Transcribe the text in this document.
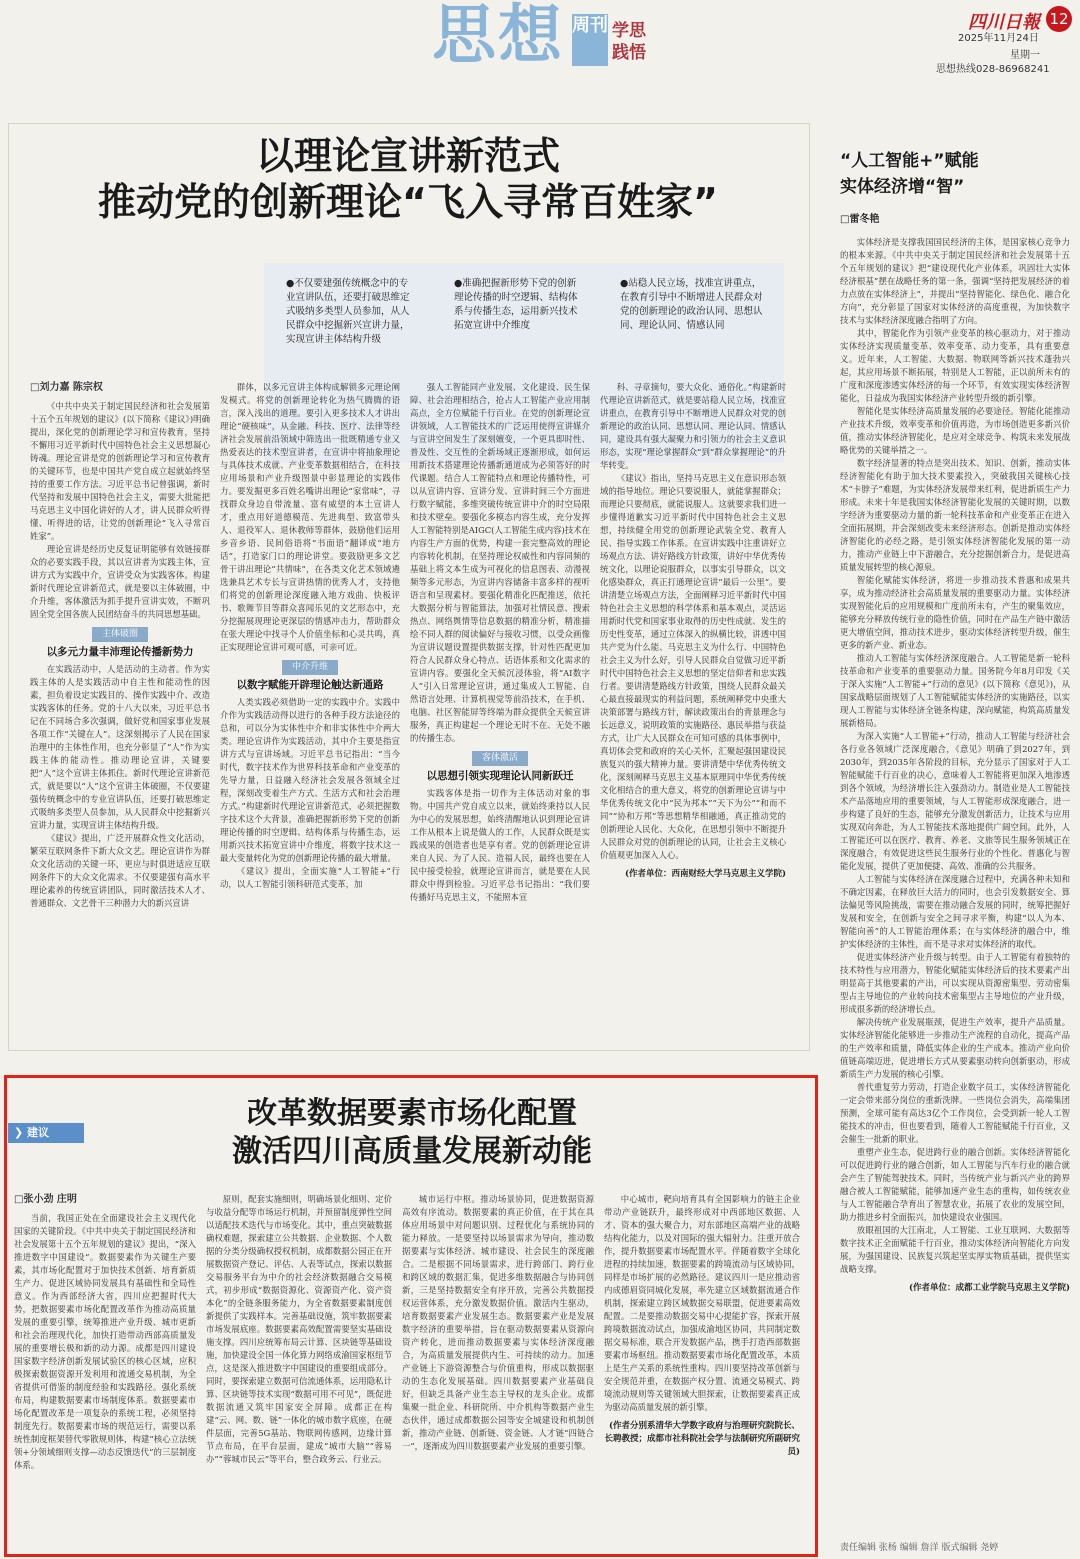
思想 周刊 学思践悟
四川日報 12
2025年11月24日
星期一
思想热线028-86968241
以理论宣讲新范式
推动党的创新理论“飞入寻常百姓家”
●不仅要建强传统概念中的专业宣讲队伍，还要打破思维定式吸纳多类型人员参加，从人民群众中挖掘新兴宣讲力量，实现宣讲主体结构升级
●准确把握新形势下党的创新理论传播的时空逻辑、结构体系与传播生态，运用新兴技术拓宽宣讲中介维度
●站稳人民立场，找准宣讲重点，在教育引导中不断增进人民群众对党的创新理论的政治认同、思想认同、理论认同、情感认同
□刘力嘉 陈宗权

《中共中央关于制定国民经济和社会发展第十五个五年规划的建议》(以下简称《建议》)明确提出，深化党的创新理论学习和宣传教育，坚持不懈用习近平新时代中国特色社会主义思想凝心铸魂。理论宣讲是党的创新理论学习和宣传教育的关键环节，也是中国共产党自成立起就始终坚持的重要工作方法。习近平总书记曾强调，新时代坚持和发展中国特色社会主义，需要大批能把马克思主义中国化讲好的人才，讲人民群众听得懂、听得进的话，让党的创新理论“飞入寻常百姓家”。

理论宣讲是经历史反复证明能够有效链接群众的必要实践手段，其以宣讲者为实践主体，宣讲方式为实践中介，宣讲受众为实践客体。构建新时代理论宣讲新范式，就是要以主体破圈，中介升维，客体激活为抓手提升宣讲实效，不断巩固全党全国各族人民团结奋斗的共同思想基础。

主体破圈
以多元力量丰沛理论传播新势力

在实践活动中，人是活动的主动者。作为实践主体的人是实践活动中自主性和能动性的因素，担负着设定实践目的、操作实践中介、改造实践客体的任务。党的十八大以来，习近平总书记在不同场合多次强调，做好党和国家事业发展各项工作“关键在人”。这深刻揭示了人民在国家治理中的主体性作用，也充分彰显了“人”作为实践主体的能动性。推动理论宣讲，关键要把“人”这个宣讲主体抓住。新时代理论宣讲新范式，就是要以“人”这个宣讲主体破圈，不仅要建强传统概念中的专业宣讲队伍，还要打破思维定式吸纳多类型人员参加，从人民群众中挖掘新兴宣讲力量，实现宣讲主体结构升级。

《建议》提出，广泛开展群众性文化活动，繁荣互联网条件下新大众文艺。理论宣讲作为群众文化活动的关键一环，更应与时俱进适应互联网条件下的大众文化需求。不仅要建强有高水平理论素养的传统宣讲团队，同时激活技术人才、普通群众、文艺骨干三种潜力大的新兴宣讲

群体，以多元宣讲主体构成解锁多元理论阐发模式。将党的创新理论转化为热气腾腾的语言，深入浅出的道理。要引入更多技术人才讲出理论“硬核味”，从金融、科技、医疗、法律等经济社会发展前沿领域中筛选出一批既精通专业又热爱表达的技术型宣讲者，在宣讲中将抽象理论与具体技术成就、产业变革数据相结合，在科技应用场景和产业升级图景中彰显理论的实践伟力。要发掘更多百姓名嘴讲出理论“家常味”，寻找群众身边自带流量、富有威望的本土宣讲人才，重点用好道德模范、先进典型、致富带头人、退役军人、退休教师等群体，鼓励他们运用乡音乡语、民间俗语将“书面语”翻译成“地方话”，打造家门口的理论讲堂。要鼓励更多文艺骨干讲出理论“共情味”，在各类文化艺术领域遴选兼具艺术专长与宣讲热情的优秀人才，支持他们将党的创新理论深度融入地方戏曲、快板评书、歌舞节目等群众喜闻乐见的文艺形态中，充分挖掘展现理论更深层的情感冲击力，帮助群众在张大理论中找寻个人价值坐标和心灵共鸣，真正实现理论宣讲可观可感，可亲可近。

中介升维
以数字赋能开辟理论触达新通路

人类实践必须借助一定的实践中介。实践中介作为实践活动得以进行的各种手段方法途径的总和，可以分为实体性中介和非实体性中介两大类。理论宣讲作为实践活动，其中介主要是指宣讲方式与宣讲场域。习近平总书记指出：“当今时代，数字技术作为世界科技革命和产业变革的先导力量，日益融入经济社会发展各领域全过程，深刻改变着生产方式、生活方式和社会治理方式。”构建新时代理论宣讲新范式，必须把握数字技术这个大背景，准确把握新形势下党的创新理论传播的时空逻辑、结构体系与传播生态，运用新兴技术拓宽宣讲中介维度，将数字技术这一最大变量转化为党的创新理论传播的最大增量。

《建议》提出，全面实施“人工智能+”行动，以人工智能引领科研范式变革，加

强人工智能同产业发展、文化建设、民生保障、社会治理相结合，抢占人工智能产业应用制高点，全方位赋能千行百业。在党的创新理论宣讲领域，人工智能技术的广泛运用使得宣讲媒介与宣讲空间发生了深刻嬗变，一个更具即时性、普及性、交互性的全新场域正逐渐形成，如何运用新技术搭建理论传播新通道成为必须答好的时代课题。结合人工智能特点和理论传播特性，可以从宣讲内容、宣讲分发、宣讲时间三个方面进行数字赋能，多维突破传统宣讲中介的时空局限和技术壁垒。要强化多模态内容生成，充分发挥人工智能特别是AIGC(人工智能生成内容)技术在内容生产方面的优势，构建一套完整高效的理论内容转化机制，在坚持理论权威性和内容同频的基础上将文本生成为可视化的信息图表、动漫视频等多元形态，为宣讲内容储备丰富多样的视听语言和呈现素材。要强化精准化匹配推送，依托大数据分析与智能算法，加强对社情民意、搜索热点、网络舆情等信息数据的精准分析，精准描绘不同人群的阅读偏好与接收习惯，以受众画像为宣讲议题设置提供数据支撑，针对性匹配更加符合人民群众身心特点、话语体系和文化需求的宣讲内容。要强化全天候沉浸体验，将“AI数字人”引入日常理论宣讲，通过集成人工智能、自然语言处理、计算机视觉等前沿技术，在手机、电脑、社区智能屏等终端为群众提供全天候宣讲服务，真正构建起一个理论无时不在、无处不融的传播生态。

客体激活
以思想引领实现理论认同新跃迁

实践客体是指一切作为主体活动对象的事物。中国共产党自成立以来，就始终秉持以人民为中心的发展思想，始终清醒地认识到理论宣讲工作从根本上说是做人的工作，人民群众既是实践成果的创造者也是享有者。党的创新理论宣讲来自人民、为了人民、造福人民，最终也要在人民中接受检验，就理论宣讲而言，就是要在人民群众中得到检验。习近平总书记指出：“我们要传播好马克思主义，不能照本宣

科、寻章摘句，要大众化、通俗化。”构建新时代理论宣讲新范式，就是要站稳人民立场，找准宣讲重点，在教育引导中不断增进人民群众对党的创新理论的政治认同、思想认同、理论认同、情感认同，建设具有强大凝聚力和引领力的社会主义意识形态，实现“理论掌握群众”到“群众掌握理论”的升华转变。

《建议》指出，坚持马克思主义在意识形态领域的指导地位。理论只要说服人，就能掌握群众；而理论只要彻底，就能说服人。这就要求我们进一步懂得道歉实习近平新时代中国特色社会主义思想，持续健全用党的创新理论武装全党、教育人民、指导实践工作体系。在宣讲实践中注重讲好立场观点方法、讲好路线方针政策，讲好中华优秀传统文化，以理论说服群众，以事实引导群众，以文化感染群众，真正打通理论宣讲“最后一公里”。要讲清楚立场观点方法，全面阐释习近平新时代中国特色社会主义思想的科学体系和基本观点，灵活运用新时代党和国家事业取得的历史性成就、发生的历史性变革，通过立体深入的纵横比较，讲透中国共产党为什么能、马克思主义为什么行、中国特色社会主义为什么好，引导人民群众自觉做习近平新时代中国特色社会主义思想的坚定信仰者和忠实践行者。要讲清楚路线方针政策，围绕人民群众最关心最直接最现实的利益问题，系统阐释党中央重大决策部署与路线方针，解读政策出台的背景理念与长远意义，说明政策的实施路径、惠民举措与获益方式，让广大人民群众在可知可感的具体事例中，真切体会党和政府的关心关怀，汇聚起强国建设民族复兴的强大精神力量。要讲清楚中华优秀传统文化，深刻阐释马克思主义基本原理同中华优秀传统文化相结合的重大意义，将党的创新理论宣讲与中华优秀传统文化中“民为邦本”“天下为公”“和而不同”“协和万邦”等思想精华相融通，真正推动党的创新理论人民化、大众化，在思想引领中不断提升人民群众对党的创新理论的认同，让社会主义核心价值观更加深入人心。

(作者单位：西南财经大学马克思主义学院)
“人工智能+”赋能
实体经济增“智”
□雷冬艳

实体经济是支撑我国国民经济的主体，是国家核心竞争力的根本来源。《中共中央关于制定国民经济和社会发展第十五个五年规划的建议》把“建设现代化产业体系，巩固壮大实体经济根基”摆在战略任务的第一条，强调“坚持把发展经济的着力点放在实体经济上”，并提出“坚持智能化、绿色化、融合化方向”，充分彰显了国家对实体经济的高度重视，为加快数字技术与实体经济深度融合指明了方向。

其中，智能化作为引领产业变革的核心驱动力，对于推动实体经济实现质量变革、效率变革、动力变革，具有重要意义。近年来，人工智能、大数据、物联网等新兴技术蓬勃兴起，其应用场景不断拓展，特别是人工智能，正以前所未有的广度和深度渗透实体经济的每一个环节，有效实现实体经济智能化，日益成为我国实体经济产业转型升级的新引擎。

智能化是实体经济高质量发展的必要途径。智能化能推动产业技术升级，效率变革和价值再造，为市场创造更多新兴价值，推动实体经济智能化，是应对全球竞争、构筑未来发展战略优势的关键举措之一。

数字经济显著的特点是突出技术、知识、创新，推动实体经济智能化有助于加大技术要素投入，突破我国关键核心技术“卡脖子”难题，为实体经济发展带来红利，促进新质生产力形成。未来十年是我国实体经济智能化发展的关键时期，以数字经济为重要驱动力量的新一轮科技革命和产业变革正在进入全面拓展期，并会深刻改变未来经济形态。创新是推动实体经济智能化的必经之路，是引领实体经济智能化发展的第一动力，推动产业链上中下游融合，充分挖掘创新合力，是促进高质量发展转型的核心源泉。

智能化赋能实体经济，将进一步推动技术普惠和成果共享，成为推动经济社会高质量发展的重要驱动力量。实体经济实现智能化后的应用规模和广度前所未有，产生的聚集效应，能够充分释放传统行业的隐性价值，同时在产品生产链中激活更大增值空间，推动技术进步，驱动实体经济转型升级，催生更多的新产业、新业态。

推动人工智能与实体经济深度融合。人工智能是新一轮科技革命和产业变革的重要驱动力量。国务院今年8月印发《关于深入实施“人工智能+”行动的意见》(以下简称《意见》)，从国家战略层面规划了人工智能赋能实体经济的实施路径，以实现人工智能与实体经济全链条构建，深向赋能，构筑高质量发展新格局。

为深入实施“人工智能+”行动，推动人工智能与经济社会各行业各领域广泛深度融合，《意见》明确了到2027年，到2030年，到2035年各阶段的目标，充分显示了国家对于人工智能赋能千行百业的决心，意味着人工智能将更加深入地渗透到各个领域，为经济增长注入强劲动力。制造业是人工智能技术产品落地应用的重要领域，与人工智能形成深度融合，进一步构建了良好的生态，能够充分激发创新活力，让技术与应用实现双向奔赴，为人工智能技术落地提供广阔空间。此外，人工智能还可以在医疗、教育、养老、文旅等民生服务领域正在深度融合，有效促进这些民生服务行业的个性化、普惠化与智能化发展，提供了更加便捷、高效、准确的公共服务。

人工智能与实体经济在深度融合过程中，充满各种未知和不确定因素，在释放巨大活力的同时，也会引发数据安全、算法偏见等风险挑战，需要在推动融合发展的同时，统筹把握好发展和安全，在创新与安全之间寻求平衡，构建“以人为本、智能向善”的人工智能治理体系；在与实体经济的融合中，维护实体经济的主体性，而不是寻求对实体经济的取代。

促进实体经济产业升级与转型。由于人工智能有着独特的技术特性与应用潜力，智能化赋能实体经济后的技术要素产出明显高于其他要素的产出，可以实现从资源密集型、劳动密集型占主导地位的产业转向技术密集型占主导地位的产业升级，形成很多新的经济增长点。

解决传统产业发展瓶颈，促进生产效率，提升产品质量。实体经济智能化能够进一步推动生产流程的自动化，提高产品的生产效率和质量，降低实体企业的生产成本。推动产业向价值链高端迈进，促进增长方式从要素驱动转向创新驱动，形成新质生产力发展的核心引擎。

普代重复劳力劳动，打造企业数字员工，实体经济智能化一定会带来部分岗位的重新洗牌。一些岗位会消失，高端集团预测，全球可能有高达3亿个工作岗位，会受到新一轮人工智能技术的冲击，但也要看到，随着人工智能赋能千行百业，又会催生一批新的职业。

重塑产业生态，促进跨行业的融合创新。实体经济智能化可以促进跨行业的融合创新，如人工智能与汽车行业的融合就会产生了智能驾驶技术。同时，当传统产业与新兴产业的跨界融合被人工智能赋能，能够加速产业生态的重构，如传统农业与人工智能融合孕育出了智慧农业，拓展了农业的发展空间，助力推进乡村全面振兴，加快建设农业强国。

放眼祖国的大江南北，人工智能、工业互联网、大数据等数字技术正全面赋能千行百业，推动实体经济向智能化方向发展，为强国建设、民族复兴筑起坚实厚实物质基础，提供坚实战略支撑。

(作者单位：成都工业学院马克思主义学院)
❯ 建议
改革数据要素市场化配置
激活四川高质量发展新动能
□张小劲 庄明

当前，我国正处在全面建设社会主义现代化国家的关键阶段。《中共中央关于制定国民经济和社会发展第十五个五年规划的建议》提出，“深入推进数字中国建设”。数据要素作为关键生产要素，其市场化配置对于加快技术创新、培育新质生产力、促进区域协同发展具有基础性和全局性意义。作为西部经济大省，四川应把握时代大势，把数据要素市场化配置改革作为推动高质量发展的重要引擎，统筹推进产业升级、城市更新和社会治理现代化，加快打造带动西部高质量发展的重要增长极和新的动力源。成都是四川建设国家数字经济创新发展试验区的核心区域，应积极探索数据资源开发利用和流通交易机制，为全省提供可借鉴的制度经验和实践路径。强化系统布局，构建数据要素市场制度体系。数据要素市场化配置改革是一项复杂的系统工程，必须坚持制度先行。数据要素市场的规范运行，需要以系统性制度框架替代零散规则体，构建“核心立法统领+分领域细则支撑—动态反馈迭代”的三层制度体系。

原则，配套实施细则，明确场景化细则、定价与收益分配等市场运行机制，并预留制度弹性空间以适配技术迭代与市场变化。其中，重点突破数据确权难题，探索建立公共数据、企业数据、个人数据的分类分级确权授权机制，成都数据公园正在开展数据资产登记、评估、人表等试点，探索以数据交易服务平台为中介的社会经济数据融合交易模式，初步形成“数据资源化、资源资产化、资产资本化”的全链条服务能力，为全省数据要素制度创新提供了实践样本。完善基础设施，筑牢数据要素市场发展底座。数据要素高效配置需要坚实基础设施支撑。四川应统筹布局云计算、区块链等基础设施，加快建设全国一体化算力网络成渝国家枢纽节点，这是深入推进数字中国建设的重要组成部分。同时，要探索建立数据可信流通体系，运用隐私计算、区块链等技术实现“数据可用不可见”，既促进数据流通又筑牢国家安全屏障。成都正在构建“云、网、数、链”一体化的城市数字底座，在硬件层面，完善5G基站、物联网传感网，边缘计算节点布局，在平台层面，建成“城市大脑”“蓉易办”“蓉城市民云”等平台，整合政务云、行业云。

城市运行中枢。推动场景协同，促进数据资源高效有序流动。数据要素的真正价值，在于其在具体应用场景中对问题识别、过程优化与系统协同的能力释放。一是要坚持以场景需求为导向，推动数据要素与实体经济、城市建设、社会民生的深度融合。二是根据不同场景需求，进行跨部门、跨行业和跨区域的数据汇集，促进多维数据融合与协同创新，三是坚持数据安全有序开放，完善公共数据授权运营体系，充分激发数据价值。激活内生驱动，培育数据要素产业发展生态。数据要素产业是发展数字经济的重要举措，旨在驱动数据要素从资源向资产转化，进而推动数据要素与实体经济深度融合，为高质量发展提供内生、可持续的动力。加速产业链上下游资源整合与价值重构，形成以数据驱动的生态化发展基础。四川数据要素产业基础良好，但缺乏具备产业生态主导权的龙头企业。成都集聚一批企业、科研院所、中介机构等数据产业生态伙伴，通过成都数据公园等安全城建设和机制创新，推动产业链、创新链、资金链、人才链“四链合一”，逐渐成为四川数据要素产业发展的重要引擎。

中心城市，靶向培育具有全国影响力的链主企业带动产业链跃升，最终形成对中西部地区数据、人才、资本的强大聚合力，对东部地区高端产业的战略结构化能力，以及对国际的强大辐射力。注重开放合作，提升数据要素市场配置水平。伴随着数字全球化进程的持续加速，数据要素的跨境流动与区域协同，同样是市场扩展的必然路径。建议四川一是应推动省内成德眉资同城化发展，率先建立区域数据流通合作机制，探索建立跨区域数据交易联盟，促进要素高效配置。二是要推动数据交易中心提能扩容，探索开展跨境数据流动试点，加强成渝地区协同，共同制定数据交易标准，联合开发数据产品，携手打造西部数据要素市场枢纽。推动数据要素市场化配置改革，本质上是生产关系的系统性重构。四川要坚持改革创新与安全规范并重，在数据产权分置、流通交易模式、跨境流动规则等关键领域大胆探索，让数据要素真正成为驱动高质量发展的新引擎。

(作者分别系清华大学数字政府与治理研究院院长、长聘教授；成都市社科院社会学与法制研究所副研究员)
责任编辑 张杨 编辑 詹洋 版式编辑 尧婷
